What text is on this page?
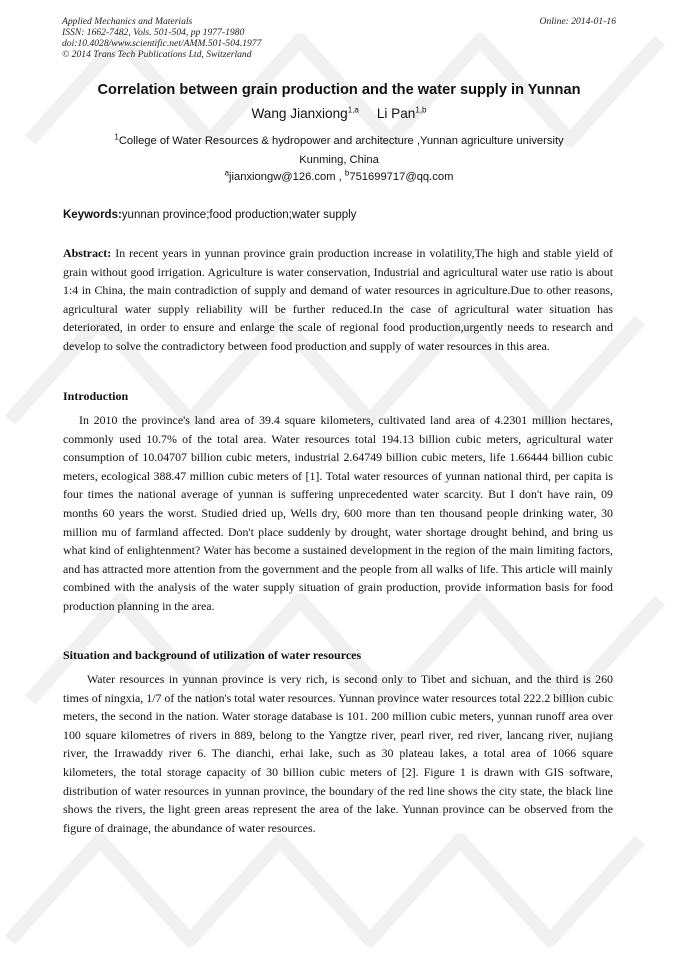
Applied Mechanics and Materials
ISSN: 1662-7482, Vols. 501-504, pp 1977-1980
doi:10.4028/www.scientific.net/AMM.501-504.1977
© 2014 Trans Tech Publications Ltd, Switzerland
Online: 2014-01-16
Correlation between grain production and the water supply in Yunnan
Wang Jianxiong$^{1,a}$ Li Pan$^{1,b}$
$^1$College of Water Resources & hydropower and architecture ,Yunnan agriculture university
Kunming, China
$^a$jianxiongw@126.com , $^b$751699717@qq.com
Keywords:yunnan province;food production;water supply
Abstract: In recent years in yunnan province grain production increase in volatility,The high and stable yield of grain without good irrigation. Agriculture is water conservation, Industrial and agricultural water use ratio is about 1:4 in China, the main contradiction of supply and demand of water resources in agriculture.Due to other reasons, agricultural water supply reliability will be further reduced.In the case of agricultural water situation has deteriorated, in order to ensure and enlarge the scale of regional food production,urgently needs to research and develop to solve the contradictory between food production and supply of water resources in this area.
Introduction
In 2010 the province's land area of 39.4 square kilometers, cultivated land area of 4.2301 million hectares, commonly used 10.7% of the total area. Water resources total 194.13 billion cubic meters, agricultural water consumption of 10.04707 billion cubic meters, industrial 2.64749 billion cubic meters, life 1.66444 billion cubic meters, ecological 388.47 million cubic meters of [1]. Total water resources of yunnan national third, per capita is four times the national average of yunnan is suffering unprecedented water scarcity. But I don't have rain, 09 months 60 years the worst. Studied dried up, Wells dry, 600 more than ten thousand people drinking water, 30 million mu of farmland affected. Don't place suddenly by drought, water shortage drought behind, and bring us what kind of enlightenment? Water has become a sustained development in the region of the main limiting factors, and has attracted more attention from the government and the people from all walks of life. This article will mainly combined with the analysis of the water supply situation of grain production, provide information basis for food production planning in the area.
Situation and background of utilization of water resources
Water resources in yunnan province is very rich, is second only to Tibet and sichuan, and the third is 260 times of ningxia, 1/7 of the nation's total water resources. Yunnan province water resources total 222.2 billion cubic meters, the second in the nation. Water storage database is 101. 200 million cubic meters, yunnan runoff area over 100 square kilometres of rivers in 889, belong to the Yangtze river, pearl river, red river, lancang river, nujiang river, the Irrawaddy river 6. The dianchi, erhai lake, such as 30 plateau lakes, a total area of 1066 square kilometers, the total storage capacity of 30 billion cubic meters of [2]. Figure 1 is drawn with GIS software, distribution of water resources in yunnan province, the boundary of the red line shows the city state, the black line shows the rivers, the light green areas represent the area of the lake. Yunnan province can be observed from the figure of drainage, the abundance of water resources.
